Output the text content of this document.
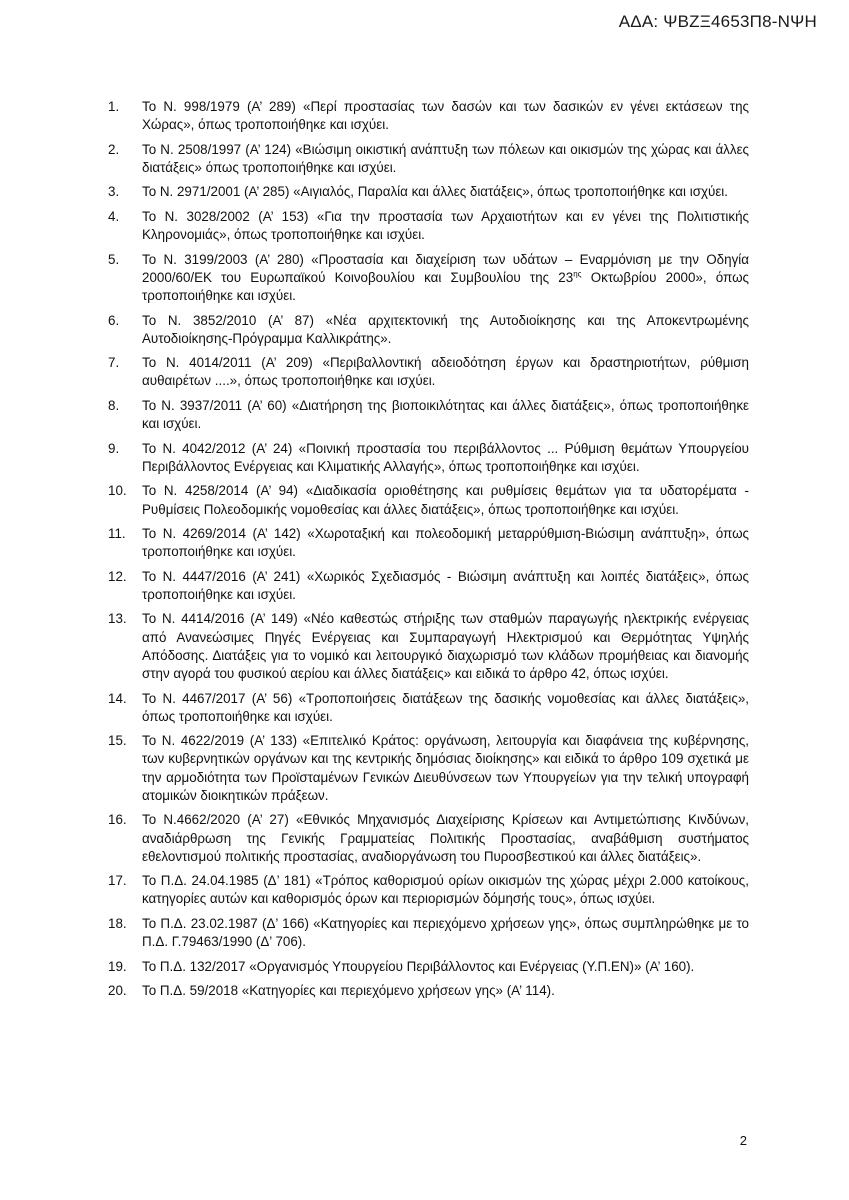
ΑΔΑ: ΨΒΖΞ4653Π8-ΝΨΗ
1. Το Ν. 998/1979 (Α’ 289) «Περί προστασίας των δασών και των δασικών εν γένει εκτάσεων της Χώρας», όπως τροποποιήθηκε και ισχύει.
2. Το Ν. 2508/1997 (Α’ 124) «Βιώσιμη οικιστική ανάπτυξη των πόλεων και οικισμών της χώρας και άλλες διατάξεις» όπως τροποποιήθηκε και ισχύει.
3. Το Ν. 2971/2001 (Α’ 285) «Αιγιαλός, Παραλία και άλλες διατάξεις», όπως τροποποιήθηκε και ισχύει.
4. Το Ν. 3028/2002 (Α’ 153) «Για την προστασία των Αρχαιοτήτων και εν γένει της Πολιτιστικής Κληρονομιάς», όπως τροποποιήθηκε και ισχύει.
5. Το Ν. 3199/2003 (Α’ 280) «Προστασία και διαχείριση των υδάτων – Εναρμόνιση με την Οδηγία 2000/60/ΕΚ του Ευρωπαϊκού Κοινοβουλίου και Συμβουλίου της $23^{\eta\varsigma}$ Οκτωβρίου 2000», όπως τροποποιήθηκε και ισχύει.
6. Το Ν. 3852/2010 (Α’ 87) «Νέα αρχιτεκτονική της Αυτοδιοίκησης και της Αποκεντρωμένης Αυτοδιοίκησης-Πρόγραμμα Καλλικράτης».
7. Το Ν. 4014/2011 (Α’ 209) «Περιβαλλοντική αδειοδότηση έργων και δραστηριοτήτων, ρύθμιση αυθαιρέτων ....», όπως τροποποιήθηκε και ισχύει.
8. Το Ν. 3937/2011 (Α’ 60) «Διατήρηση της βιοποικιλότητας και άλλες διατάξεις», όπως τροποποιήθηκε και ισχύει.
9. Το Ν. 4042/2012 (Α’ 24) «Ποινική προστασία του περιβάλλοντος ... Ρύθμιση θεμάτων Υπουργείου Περιβάλλοντος Ενέργειας και Κλιματικής Αλλαγής», όπως τροποποιήθηκε και ισχύει.
10. Το Ν. 4258/2014 (Α’ 94) «Διαδικασία οριοθέτησης και ρυθμίσεις θεμάτων για τα υδατορέματα - Ρυθμίσεις Πολεοδομικής νομοθεσίας και άλλες διατάξεις», όπως τροποποιήθηκε και ισχύει.
11. Το Ν. 4269/2014 (Α’ 142) «Χωροταξική και πολεοδομική μεταρρύθμιση-Βιώσιμη ανάπτυξη», όπως τροποποιήθηκε και ισχύει.
12. Το Ν. 4447/2016 (Α’ 241) «Χωρικός Σχεδιασμός - Βιώσιμη ανάπτυξη και λοιπές διατάξεις», όπως τροποποιήθηκε και ισχύει.
13. Το Ν. 4414/2016 (Α’ 149) «Νέο καθεστώς στήριξης των σταθμών παραγωγής ηλεκτρικής ενέργειας από Ανανεώσιμες Πηγές Ενέργειας και Συμπαραγωγή Ηλεκτρισμού και Θερμότητας Υψηλής Απόδοσης. Διατάξεις για το νομικό και λειτουργικό διαχωρισμό των κλάδων προμήθειας και διανομής στην αγορά του φυσικού αερίου και άλλες διατάξεις» και ειδικά το άρθρο 42, όπως ισχύει.
14. Το Ν. 4467/2017 (Α’ 56) «Τροποποιήσεις διατάξεων της δασικής νομοθεσίας και άλλες διατάξεις», όπως τροποποιήθηκε και ισχύει.
15. Το Ν. 4622/2019 (Α’ 133) «Επιτελικό Κράτος: οργάνωση, λειτουργία και διαφάνεια της κυβέρνησης, των κυβερνητικών οργάνων και της κεντρικής δημόσιας διοίκησης» και ειδικά το άρθρο 109 σχετικά με την αρμοδιότητα των Προϊσταμένων Γενικών Διευθύνσεων των Υπουργείων για την τελική υπογραφή ατομικών διοικητικών πράξεων.
16. Το Ν.4662/2020 (Α’ 27) «Εθνικός Μηχανισμός Διαχείρισης Κρίσεων και Αντιμετώπισης Κινδύνων, αναδιάρθρωση της Γενικής Γραμματείας Πολιτικής Προστασίας, αναβάθμιση συστήματος εθελοντισμού πολιτικής προστασίας, αναδιοργάνωση του Πυροσβεστικού και άλλες διατάξεις».
17. Το Π.Δ. 24.04.1985 (Δ’ 181) «Τρόπος καθορισμού ορίων οικισμών της χώρας μέχρι 2.000 κατοίκους, κατηγορίες αυτών και καθορισμός όρων και περιορισμών δόμησής τους», όπως ισχύει.
18. Το Π.Δ. 23.02.1987 (Δ’ 166) «Κατηγορίες και περιεχόμενο χρήσεων γης», όπως συμπληρώθηκε με το Π.Δ. Γ.79463/1990 (Δ’ 706).
19. Το Π.Δ. 132/2017 «Οργανισμός Υπουργείου Περιβάλλοντος και Ενέργειας (Υ.Π.ΕΝ)» (Α’ 160).
20. Το Π.Δ. 59/2018 «Κατηγορίες και περιεχόμενο χρήσεων γης» (Α’ 114).
2
